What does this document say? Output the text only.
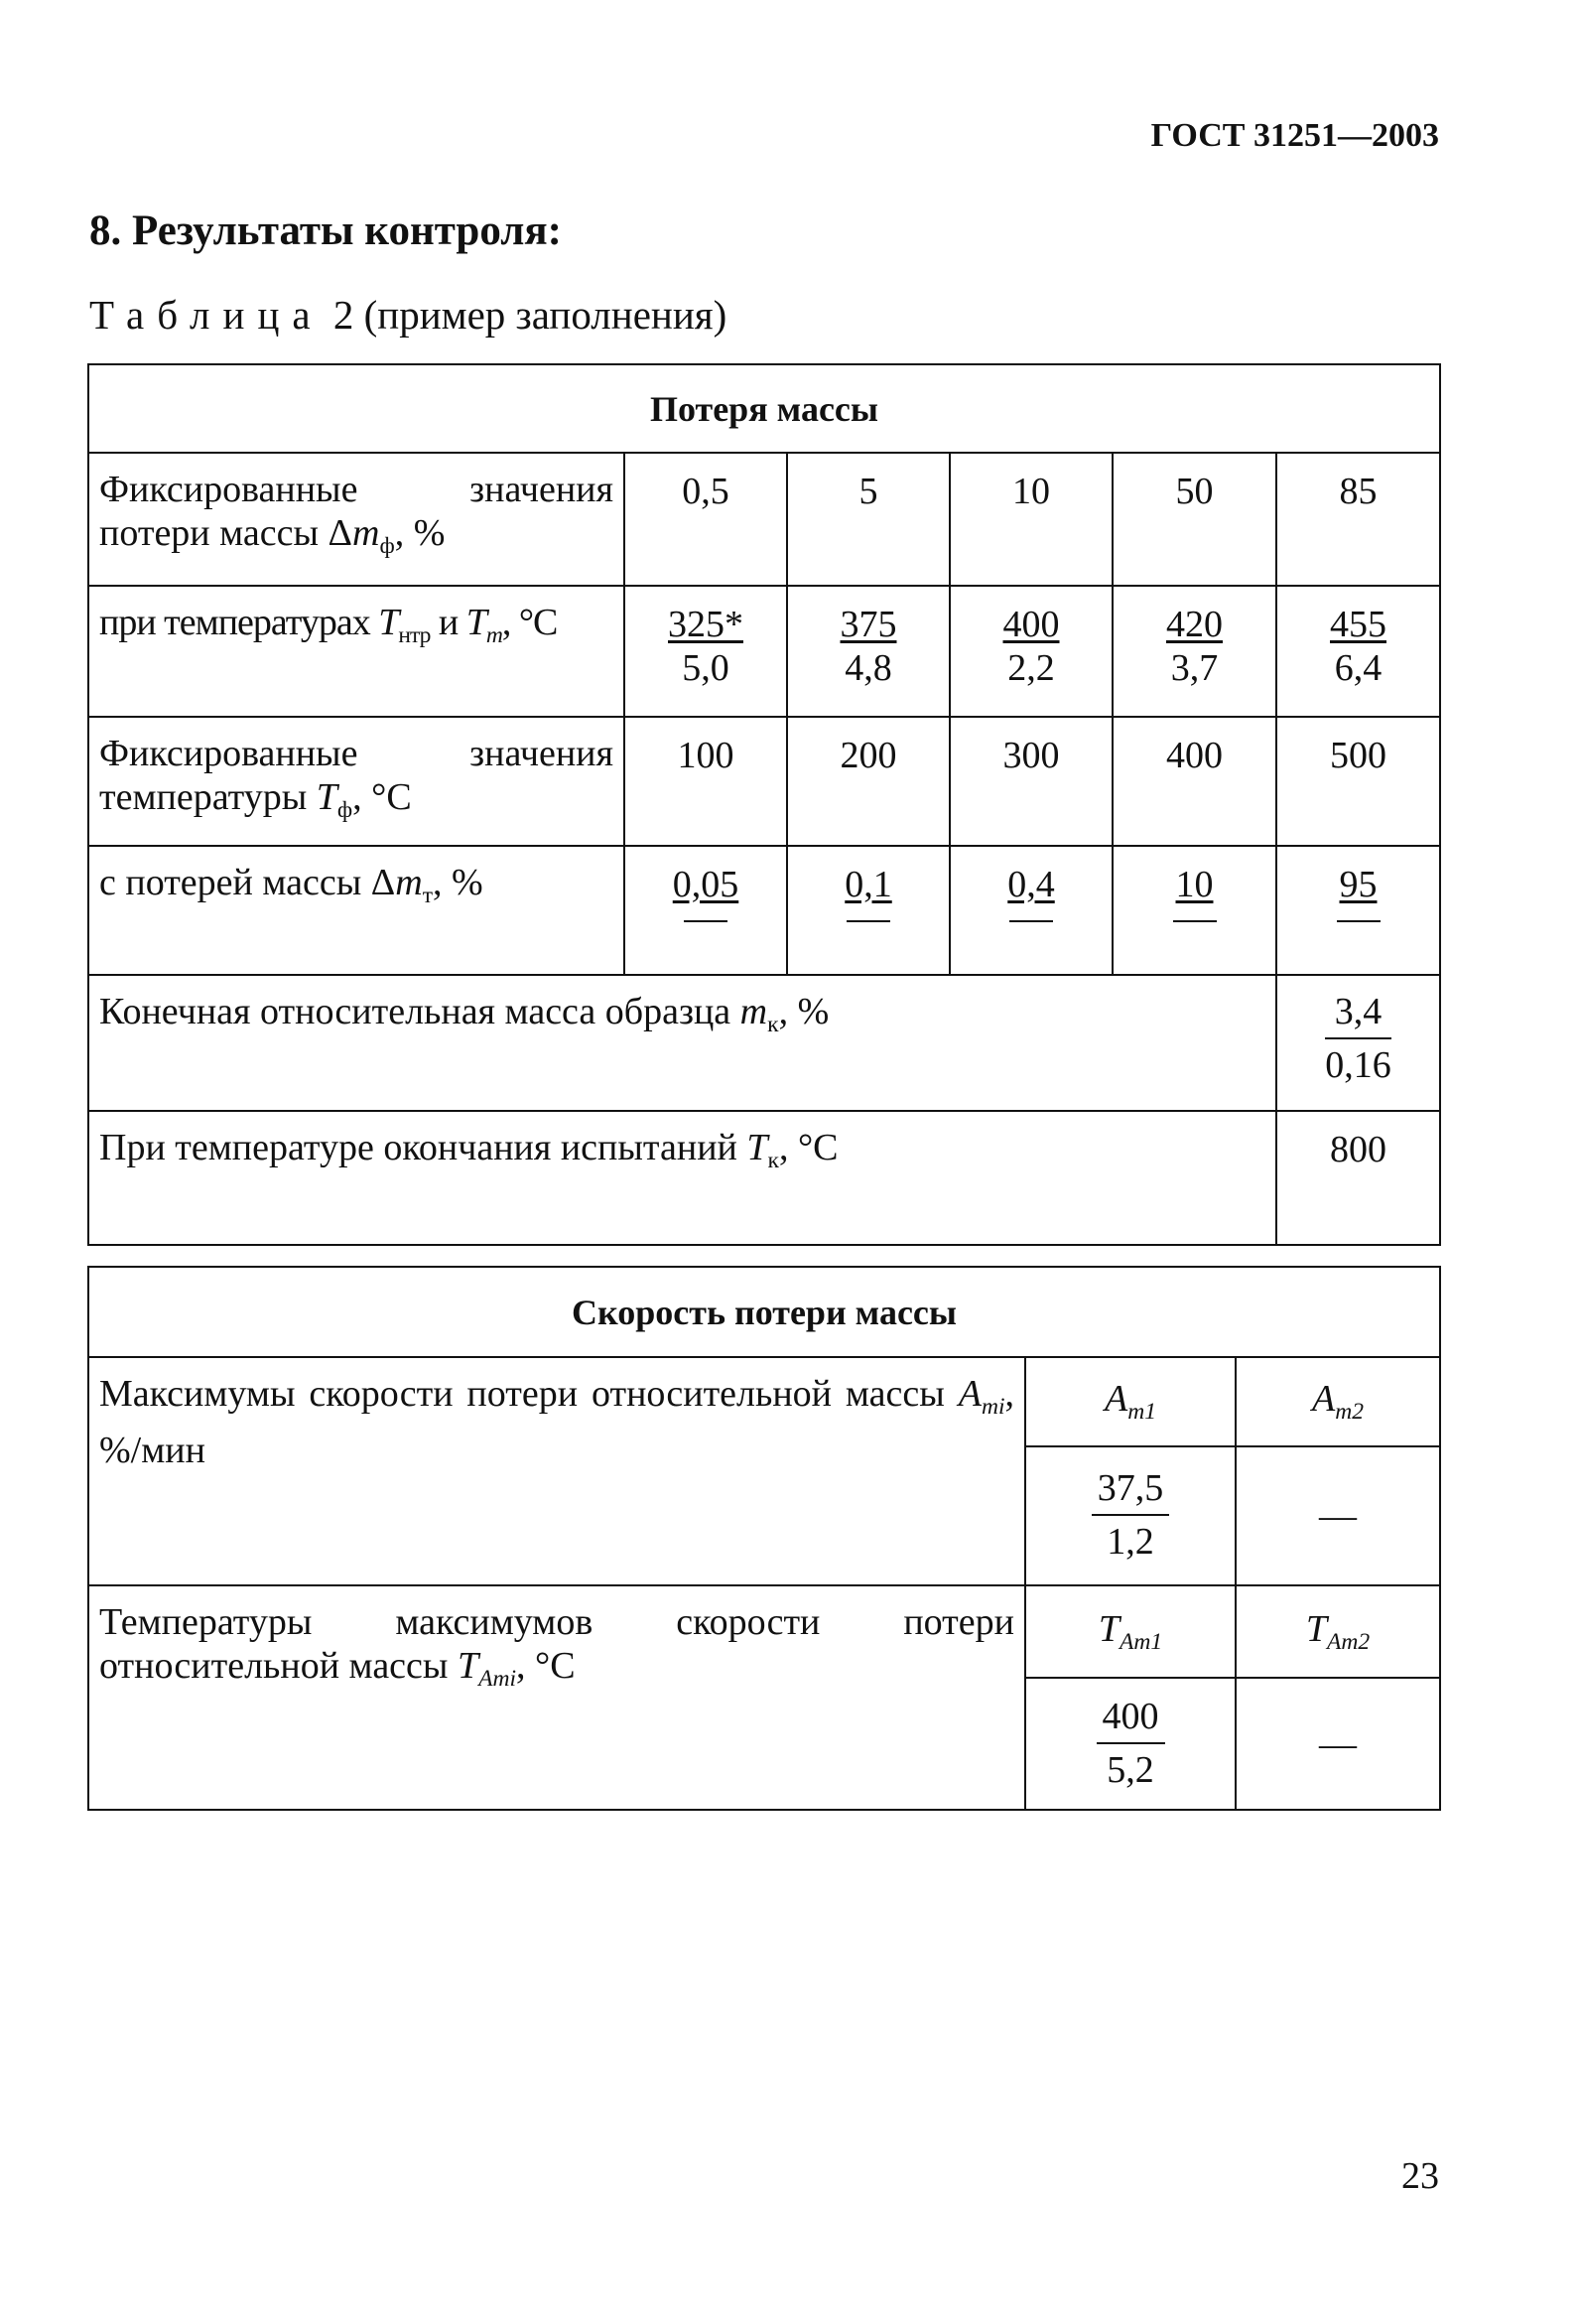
ГОСТ 31251—2003
8. Результаты контроля:
Таблица 2 (пример заполнения)
Потеря массы					
Фиксированные значения потери массы $\Delta m_ф$, %	0,5	5	10	50	85
при температурах $T_{нтр}$ и $T_m$, °С	$\frac{325*}{5,0}$	$\frac{375}{4,8}$	$\frac{400}{2,2}$	$\frac{420}{3,7}$	$\frac{455}{6,4}$

Фиксированные значения температуры $T_ф$, °С	100	200	300	400	500
с потерей массы $\Delta m_т$, %	0,05	0,1	0,4	10	95

Конечная относительная масса образца $m_к$, %					$\frac{3,4}{0,16}$

При температуре окончания испытаний $T_к$, °С					800
Скорость потери массы		
Максимумы скорости потери относительной массы $A_{mi}$, %/мин	$A_{m1}$	$A_{m2}$

	$\frac{37,5}{1,2}$	—
Температуры максимумов скорости потери относительной массы $T_{Ami}$, °С	$T_{Am1}$	$T_{Am2}$

	$\frac{400}{5,2}$	—
23
